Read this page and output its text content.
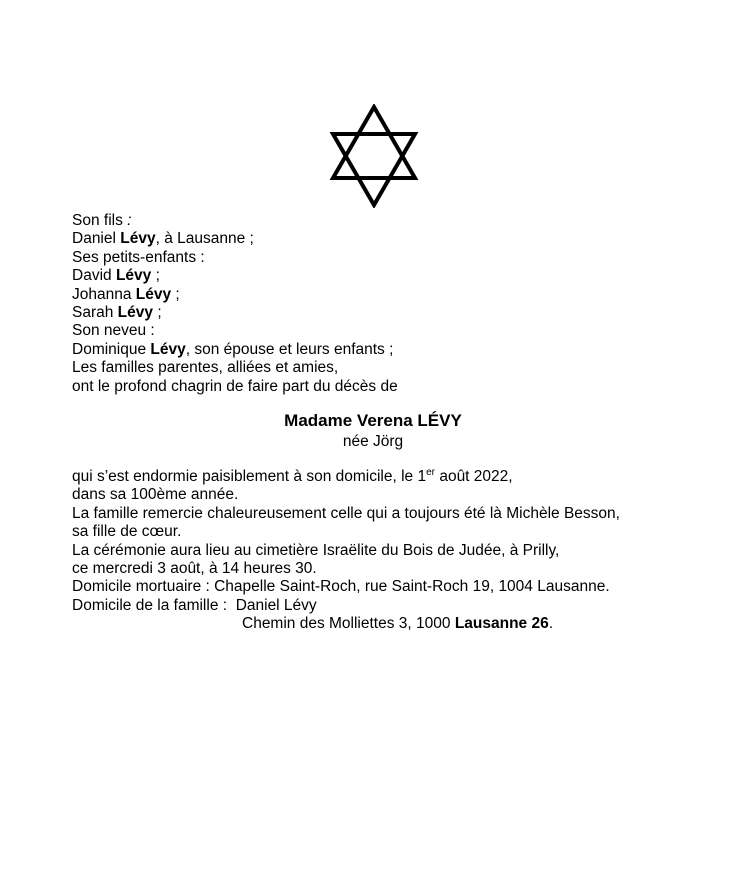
Son fils :
Daniel Lévy, à Lausanne ;
Ses petits-enfants :
David Lévy ;
Johanna Lévy ;
Sarah Lévy ;
Son neveu :
Dominique Lévy, son épouse et leurs enfants ;
Les familles parentes, alliées et amies,
ont le profond chagrin de faire part du décès de
Madame Verena LÉVY
née Jörg
qui s’est endormie paisiblement à son domicile, le 1er août 2022,
dans sa 100ème année.
La famille remercie chaleureusement celle qui a toujours été là Michèle Besson,
sa fille de cœur.
La cérémonie aura lieu au cimetière Israëlite du Bois de Judée, à Prilly,
ce mercredi 3 août, à 14 heures 30.
Domicile mortuaire : Chapelle Saint-Roch, rue Saint-Roch 19, 1004 Lausanne.
Domicile de la famille : Daniel Lévy
Chemin des Molliettes 3, 1000 Lausanne 26.
